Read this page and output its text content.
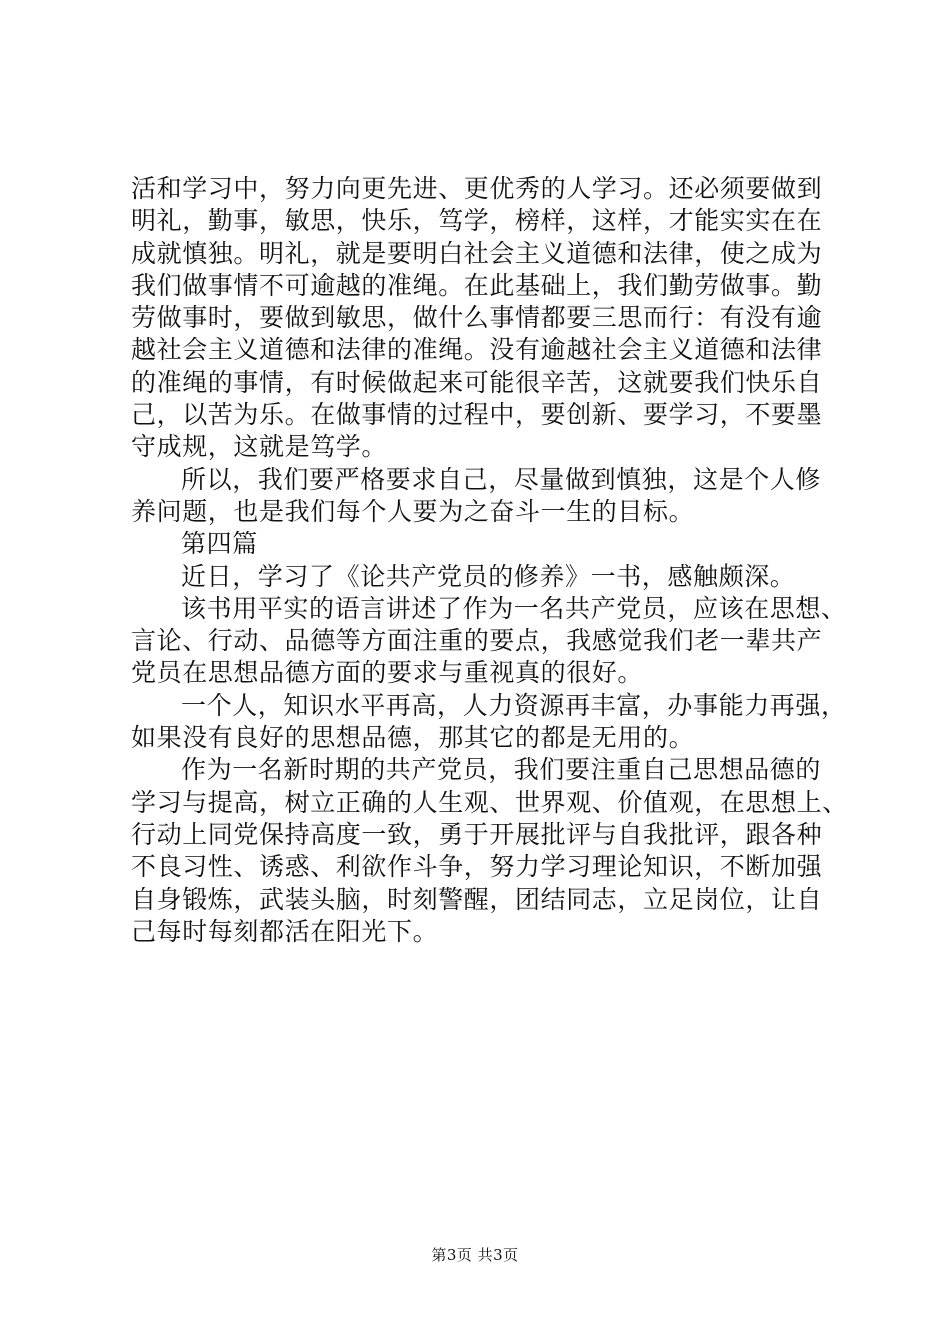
活和学习中，努力向更先进、更优秀的人学习。还必须要做到
明礼，勤事，敏思，快乐，笃学，榜样，这样，才能实实在在
成就慎独。明礼，就是要明白社会主义道德和法律，使之成为
我们做事情不可逾越的准绳。在此基础上，我们勤劳做事。勤
劳做事时，要做到敏思，做什么事情都要三思而行：有没有逾
越社会主义道德和法律的准绳。没有逾越社会主义道德和法律
的准绳的事情，有时候做起来可能很辛苦，这就要我们快乐自
己，以苦为乐。在做事情的过程中，要创新、要学习，不要墨
守成规，这就是笃学。
所以，我们要严格要求自己，尽量做到慎独，这是个人修
养问题，也是我们每个人要为之奋斗一生的目标。
第四篇
近日，学习了《论共产党员的修养》一书，感触颇深。
该书用平实的语言讲述了作为一名共产党员，应该在思想、
言论、行动、品德等方面注重的要点，我感觉我们老一辈共产
党员在思想品德方面的要求与重视真的很好。
一个人，知识水平再高，人力资源再丰富，办事能力再强，
如果没有良好的思想品德，那其它的都是无用的。
作为一名新时期的共产党员，我们要注重自己思想品德的
学习与提高，树立正确的人生观、世界观、价值观，在思想上、
行动上同党保持高度一致，勇于开展批评与自我批评，跟各种
不良习性、诱惑、利欲作斗争，努力学习理论知识，不断加强
自身锻炼，武装头脑，时刻警醒，团结同志，立足岗位，让自
己每时每刻都活在阳光下。
第3页 共3页
